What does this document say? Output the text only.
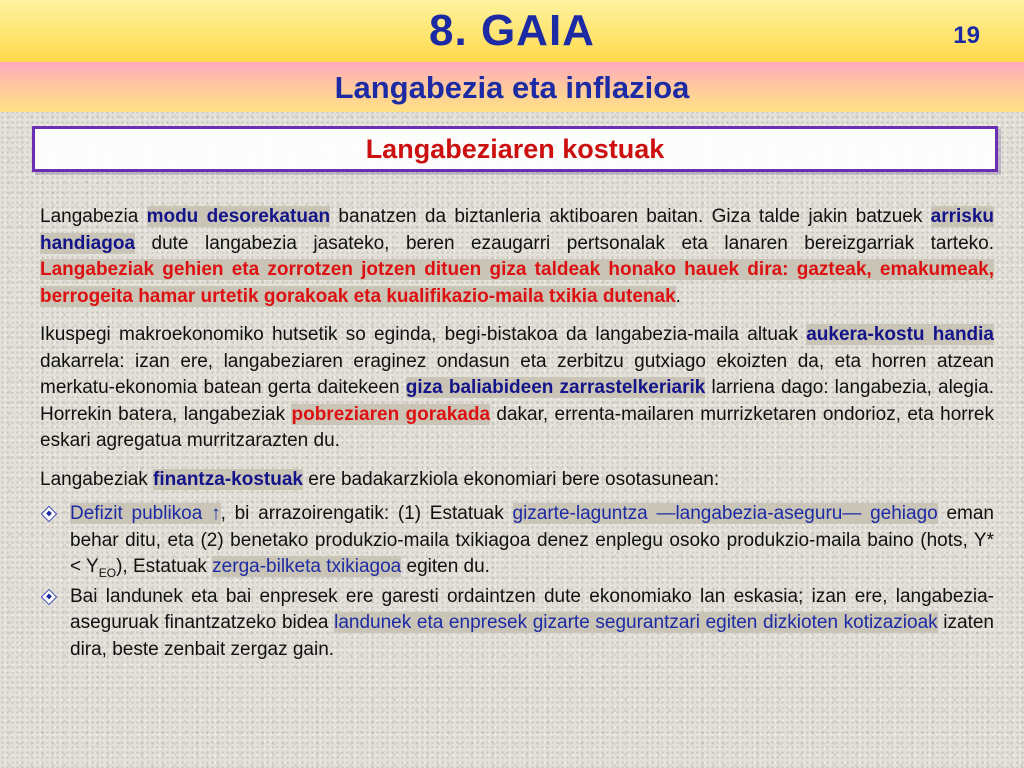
8. GAIA	19
Langabezia eta inflazioa
Langabeziaren kostuak

Langabezia modu desorekatuan banatzen da biztanleria aktiboaren baitan. Giza talde jakin batzuek arrisku handiagoa dute langabezia jasateko, beren ezaugarri pertsonalak eta lanaren bereizgarriak tarteko. Langabeziak gehien eta zorrotzen jotzen dituen giza taldeak honako hauek dira: gazteak, emakumeak, berrogeita hamar urtetik gorakoak eta kualifikazio-maila txikia dutenak.

Ikuspegi makroekonomiko hutsetik so eginda, begi-bistakoa da langabezia-maila altuak aukera-kostu handia dakarrela: izan ere, langabeziaren eraginez ondasun eta zerbitzu gutxiago ekoizten da, eta horren atzean merkatu-ekonomia batean gerta daitekeen giza baliabideen zarrastelkeriarik larriena dago: langabezia, alegia. Horrekin batera, langabeziak pobreziaren gorakada dakar, errenta-mailaren murrizketaren ondorioz, eta horrek eskari agregatua murritzarazten du.

Langabeziak finantza-kostuak ere badakarzkiola ekonomiari bere osotasunean:

Defizit publikoa ↑, bi arrazoirengatik: (1) Estatuak gizarte-laguntza —langabezia-aseguru— gehiago eman behar ditu, eta (2) benetako produkzio-maila txikiagoa denez enplegu osoko produkzio-maila baino (hots, $Y* < Y_{EO}$), Estatuak zerga-bilketa txikiagoa egiten du.
Bai landunek eta bai enpresek ere garesti ordaintzen dute ekonomiako lan eskasia; izan ere, langabezia-aseguruak finantzatzeko bidea landunek eta enpresek gizarte segurantzari egiten dizkioten kotizazioak izaten dira, beste zenbait zergaz gain.
